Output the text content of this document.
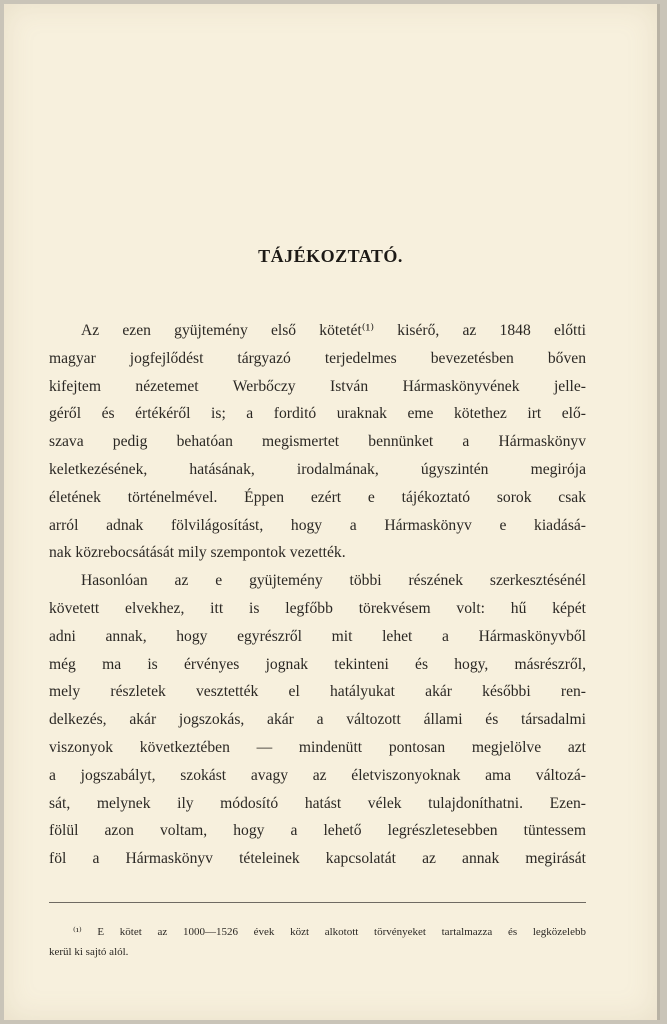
TÁJÉKOZTATÓ.
Az ezen gyüjtemény első kötetét⁽¹⁾ kisérő, az 1848 előtti
magyar jogfejlődést tárgyazó terjedelmes bevezetésben bőven
kifejtem nézetemet Werbőczy István Hármaskönyvének jelle-
géről és értékéről is; a forditó uraknak eme kötethez irt elő-
szava pedig behatóan megismertet bennünket a Hármaskönyv
keletkezésének, hatásának, irodalmának, úgyszintén megirója
életének történelmével. Éppen ezért e tájékoztató sorok csak
arról adnak fölvilágosítást, hogy a Hármaskönyv e kiadásá-
nak közrebocsátását mily szempontok vezették.
Hasonlóan az e gyüjtemény többi részének szerkesztésénél
követett elvekhez, itt is legfőbb törekvésem volt: hű képét
adni annak, hogy egyrészről mit lehet a Hármaskönyvből
még ma is érvényes jognak tekinteni és hogy, másrészről,
mely részletek vesztették el hatályukat akár későbbi ren-
delkezés, akár jogszokás, akár a változott állami és társadalmi
viszonyok következtében — mindenütt pontosan megjelölve azt
a jogszabályt, szokást avagy az életviszonyoknak ama változá-
sát, melynek ily módosító hatást vélek tulajdoníthatni. Ezen-
fölül azon voltam, hogy a lehető legrészletesebben tüntessem
föl a Hármaskönyv tételeinek kapcsolatát az annak megirását
⁽¹⁾ E kötet az 1000—1526 évek közt alkotott törvényeket tartalmazza és legközelebb
kerül ki sajtó alól.
